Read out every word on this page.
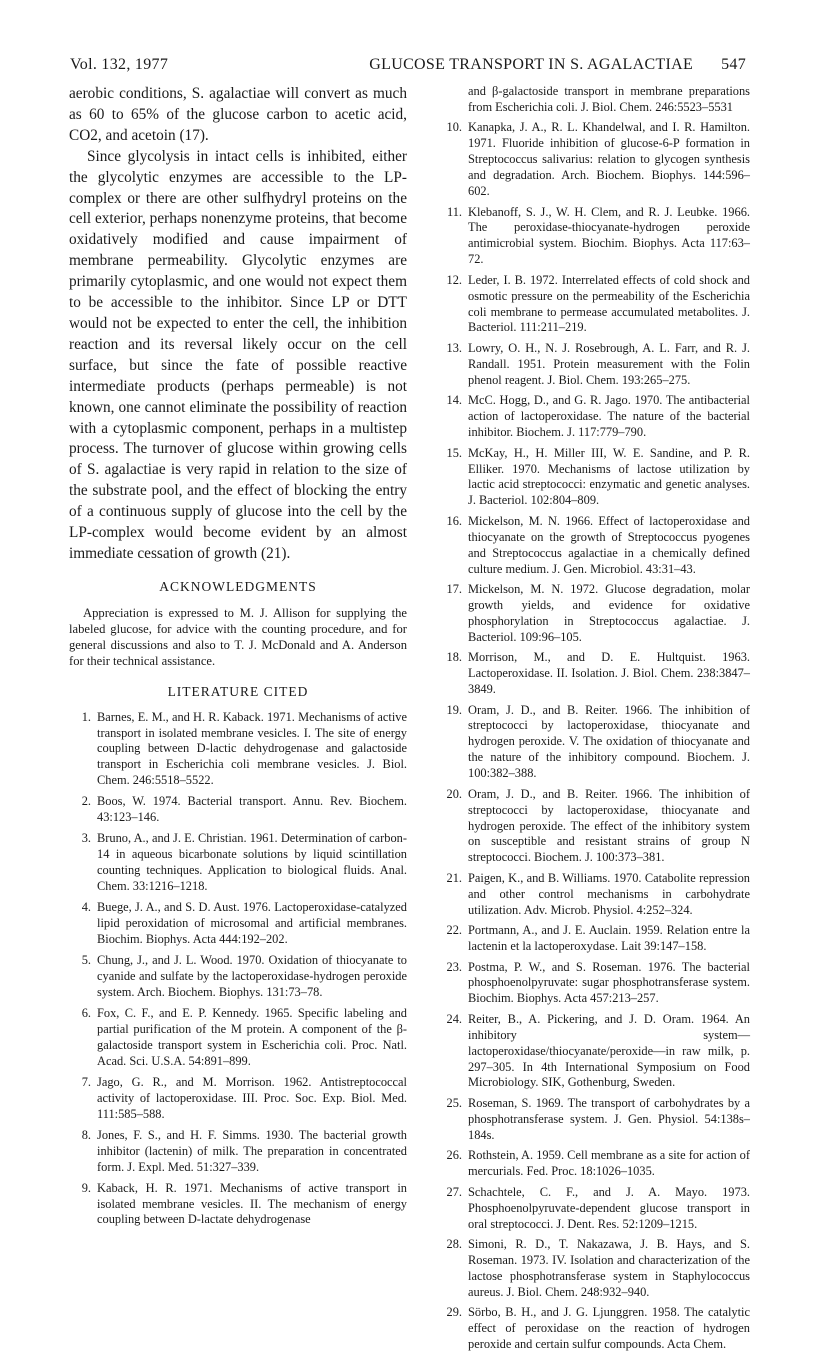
Vol. 132, 1977	GLUCOSE TRANSPORT IN S. AGALACTIAE	547

aerobic conditions, S. agalactiae will convert as much as 60 to 65% of the glucose carbon to acetic acid, CO2, and acetoin (17).

Since glycolysis in intact cells is inhibited, either the glycolytic enzymes are accessible to the LP-complex or there are other sulfhydryl proteins on the cell exterior, perhaps nonenzyme proteins, that become oxidatively modified and cause impairment of membrane permeability. Glycolytic enzymes are primarily cytoplasmic, and one would not expect them to be accessible to the inhibitor. Since LP or DTT would not be expected to enter the cell, the inhibition reaction and its reversal likely occur on the cell surface, but since the fate of possible reactive intermediate products (perhaps permeable) is not known, one cannot eliminate the possibility of reaction with a cytoplasmic component, perhaps in a multistep process. The turnover of glucose within growing cells of S. agalactiae is very rapid in relation to the size of the substrate pool, and the effect of blocking the entry of a continuous supply of glucose into the cell by the LP-complex would become evident by an almost immediate cessation of growth (21).

ACKNOWLEDGMENTS

Appreciation is expressed to M. J. Allison for supplying the labeled glucose, for advice with the counting procedure, and for general discussions and also to T. J. McDonald and A. Anderson for their technical assistance.

LITERATURE CITED
1. Barnes, E. M., and H. R. Kaback. 1971. Mechanisms of active transport in isolated membrane vesicles. I. The site of energy coupling between D-lactic dehydrogenase and galactoside transport in Escherichia coli membrane vesicles. J. Biol. Chem. 246:5518–5522.
2. Boos, W. 1974. Bacterial transport. Annu. Rev. Biochem. 43:123–146.
3. Bruno, A., and J. E. Christian. 1961. Determination of carbon-14 in aqueous bicarbonate solutions by liquid scintillation counting techniques. Application to biological fluids. Anal. Chem. 33:1216–1218.
4. Buege, J. A., and S. D. Aust. 1976. Lactoperoxidase-catalyzed lipid peroxidation of microsomal and artificial membranes. Biochim. Biophys. Acta 444:192–202.
5. Chung, J., and J. L. Wood. 1970. Oxidation of thiocyanate to cyanide and sulfate by the lactoperoxidase-hydrogen peroxide system. Arch. Biochem. Biophys. 131:73–78.
6. Fox, C. F., and E. P. Kennedy. 1965. Specific labeling and partial purification of the M protein. A component of the β-galactoside transport system in Escherichia coli. Proc. Natl. Acad. Sci. U.S.A. 54:891–899.
7. Jago, G. R., and M. Morrison. 1962. Antistreptococcal activity of lactoperoxidase. III. Proc. Soc. Exp. Biol. Med. 111:585–588.
8. Jones, F. S., and H. F. Simms. 1930. The bacterial growth inhibitor (lactenin) of milk. The preparation in concentrated form. J. Expl. Med. 51:327–339.
9. Kaback, H. R. 1971. Mechanisms of active transport in isolated membrane vesicles. II. The mechanism of energy coupling between D-lactate dehydrogenase
and β-galactoside transport in membrane preparations from Escherichia coli. J. Biol. Chem. 246:5523–5531
10. Kanapka, J. A., R. L. Khandelwal, and I. R. Hamilton. 1971. Fluoride inhibition of glucose-6-P formation in Streptococcus salivarius: relation to glycogen synthesis and degradation. Arch. Biochem. Biophys. 144:596–602.
11. Klebanoff, S. J., W. H. Clem, and R. J. Leubke. 1966. The peroxidase-thiocyanate-hydrogen peroxide antimicrobial system. Biochim. Biophys. Acta 117:63–72.
12. Leder, I. B. 1972. Interrelated effects of cold shock and osmotic pressure on the permeability of the Escherichia coli membrane to permease accumulated metabolites. J. Bacteriol. 111:211–219.
13. Lowry, O. H., N. J. Rosebrough, A. L. Farr, and R. J. Randall. 1951. Protein measurement with the Folin phenol reagent. J. Biol. Chem. 193:265–275.
14. McC. Hogg, D., and G. R. Jago. 1970. The antibacterial action of lactoperoxidase. The nature of the bacterial inhibitor. Biochem. J. 117:779–790.
15. McKay, H., H. Miller III, W. E. Sandine, and P. R. Elliker. 1970. Mechanisms of lactose utilization by lactic acid streptococci: enzymatic and genetic analyses. J. Bacteriol. 102:804–809.
16. Mickelson, M. N. 1966. Effect of lactoperoxidase and thiocyanate on the growth of Streptococcus pyogenes and Streptococcus agalactiae in a chemically defined culture medium. J. Gen. Microbiol. 43:31–43.
17. Mickelson, M. N. 1972. Glucose degradation, molar growth yields, and evidence for oxidative phosphorylation in Streptococcus agalactiae. J. Bacteriol. 109:96–105.
18. Morrison, M., and D. E. Hultquist. 1963. Lactoperoxidase. II. Isolation. J. Biol. Chem. 238:3847–3849.
19. Oram, J. D., and B. Reiter. 1966. The inhibition of streptococci by lactoperoxidase, thiocyanate and hydrogen peroxide. V. The oxidation of thiocyanate and the nature of the inhibitory compound. Biochem. J. 100:382–388.
20. Oram, J. D., and B. Reiter. 1966. The inhibition of streptococci by lactoperoxidase, thiocyanate and hydrogen peroxide. The effect of the inhibitory system on susceptible and resistant strains of group N streptococci. Biochem. J. 100:373–381.
21. Paigen, K., and B. Williams. 1970. Catabolite repression and other control mechanisms in carbohydrate utilization. Adv. Microb. Physiol. 4:252–324.
22. Portmann, A., and J. E. Auclain. 1959. Relation entre la lactenin et la lactoperoxydase. Lait 39:147–158.
23. Postma, P. W., and S. Roseman. 1976. The bacterial phosphoenolpyruvate: sugar phosphotransferase system. Biochim. Biophys. Acta 457:213–257.
24. Reiter, B., A. Pickering, and J. D. Oram. 1964. An inhibitory system—lactoperoxidase/thiocyanate/peroxide—in raw milk, p. 297–305. In 4th International Symposium on Food Microbiology. SIK, Gothenburg, Sweden.
25. Roseman, S. 1969. The transport of carbohydrates by a phosphotransferase system. J. Gen. Physiol. 54:138s–184s.
26. Rothstein, A. 1959. Cell membrane as a site for action of mercurials. Fed. Proc. 18:1026–1035.
27. Schachtele, C. F., and J. A. Mayo. 1973. Phosphoenolpyruvate-dependent glucose transport in oral streptococci. J. Dent. Res. 52:1209–1215.
28. Simoni, R. D., T. Nakazawa, J. B. Hays, and S. Roseman. 1973. IV. Isolation and characterization of the lactose phosphotransferase system in Staphylococcus aureus. J. Biol. Chem. 248:932–940.
29. Sörbo, B. H., and J. G. Ljunggren. 1958. The catalytic effect of peroxidase on the reaction of hydrogen peroxide and certain sulfur compounds. Acta Chem.
